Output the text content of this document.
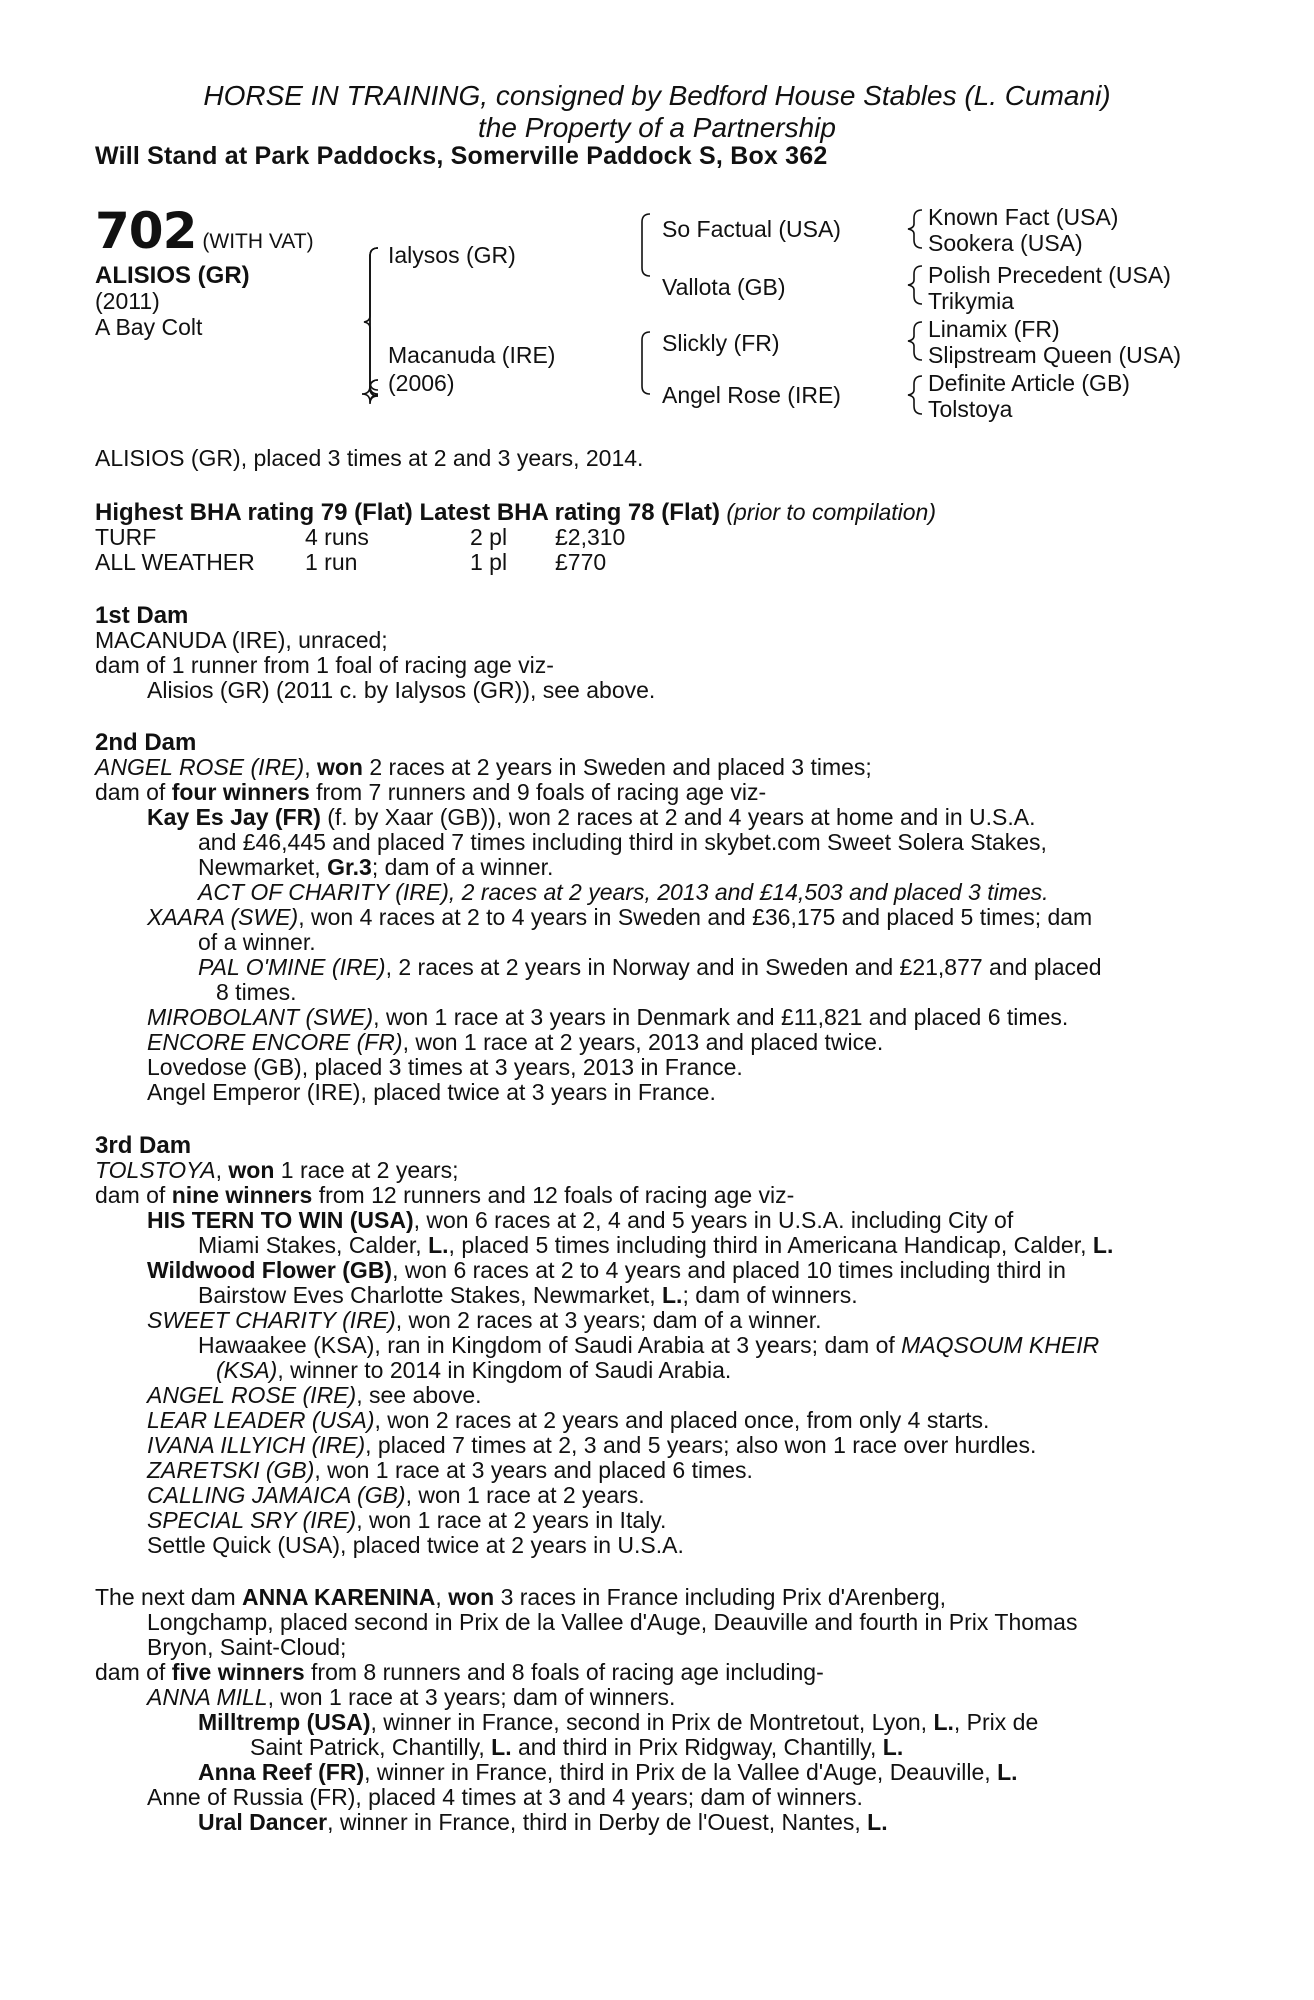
HORSE IN TRAINING, consigned by Bedford House Stables (L. Cumani)
the Property of a Partnership
Will Stand at Park Paddocks, Somerville Paddock S, Box 362
702 (WITH VAT)
ALISIOS (GR)
(2011)
A Bay Colt
Ialysos (GR)
Macanuda (IRE)
(2006)
So Factual (USA)
Vallota (GB)
Slickly (FR)
Angel Rose (IRE)
Known Fact (USA)
Sookera (USA)
Polish Precedent (USA)
Trikymia
Linamix (FR)
Slipstream Queen (USA)
Definite Article (GB)
Tolstoya
ALISIOS (GR), placed 3 times at 2 and 3 years, 2014.
Highest BHA rating 79 (Flat) Latest BHA rating 78 (Flat) (prior to compilation)
TURF	4 runs	2 pl £2,310
ALL WEATHER 1 run	1 pl £770
1st Dam
MACANUDA (IRE), unraced;
dam of 1 runner from 1 foal of racing age viz-
Alisios (GR) (2011 c. by Ialysos (GR)), see above.
2nd Dam
ANGEL ROSE (IRE), won 2 races at 2 years in Sweden and placed 3 times;
dam of four winners from 7 runners and 9 foals of racing age viz-
Kay Es Jay (FR) (f. by Xaar (GB)), won 2 races at 2 and 4 years at home and in U.S.A.
and £46,445 and placed 7 times including third in skybet.com Sweet Solera Stakes,
Newmarket, Gr.3; dam of a winner.
ACT OF CHARITY (IRE), 2 races at 2 years, 2013 and £14,503 and placed 3 times.
XAARA (SWE), won 4 races at 2 to 4 years in Sweden and £36,175 and placed 5 times; dam
of a winner.
PAL O'MINE (IRE), 2 races at 2 years in Norway and in Sweden and £21,877 and placed
8 times.
MIROBOLANT (SWE), won 1 race at 3 years in Denmark and £11,821 and placed 6 times.
ENCORE ENCORE (FR), won 1 race at 2 years, 2013 and placed twice.
Lovedose (GB), placed 3 times at 3 years, 2013 in France.
Angel Emperor (IRE), placed twice at 3 years in France.
3rd Dam
TOLSTOYA, won 1 race at 2 years;
dam of nine winners from 12 runners and 12 foals of racing age viz-
HIS TERN TO WIN (USA), won 6 races at 2, 4 and 5 years in U.S.A. including City of
Miami Stakes, Calder, L., placed 5 times including third in Americana Handicap, Calder, L.
Wildwood Flower (GB), won 6 races at 2 to 4 years and placed 10 times including third in
Bairstow Eves Charlotte Stakes, Newmarket, L.; dam of winners.
SWEET CHARITY (IRE), won 2 races at 3 years; dam of a winner.
Hawaakee (KSA), ran in Kingdom of Saudi Arabia at 3 years; dam of MAQSOUM KHEIR
(KSA), winner to 2014 in Kingdom of Saudi Arabia.
ANGEL ROSE (IRE), see above.
LEAR LEADER (USA), won 2 races at 2 years and placed once, from only 4 starts.
IVANA ILLYICH (IRE), placed 7 times at 2, 3 and 5 years; also won 1 race over hurdles.
ZARETSKI (GB), won 1 race at 3 years and placed 6 times.
CALLING JAMAICA (GB), won 1 race at 2 years.
SPECIAL SRY (IRE), won 1 race at 2 years in Italy.
Settle Quick (USA), placed twice at 2 years in U.S.A.
The next dam ANNA KARENINA, won 3 races in France including Prix d'Arenberg,
Longchamp, placed second in Prix de la Vallee d'Auge, Deauville and fourth in Prix Thomas
Bryon, Saint-Cloud;
dam of five winners from 8 runners and 8 foals of racing age including-
ANNA MILL, won 1 race at 3 years; dam of winners.
Milltremp (USA), winner in France, second in Prix de Montretout, Lyon, L., Prix de
Saint Patrick, Chantilly, L. and third in Prix Ridgway, Chantilly, L.
Anna Reef (FR), winner in France, third in Prix de la Vallee d'Auge, Deauville, L.
Anne of Russia (FR), placed 4 times at 3 and 4 years; dam of winners.
Ural Dancer, winner in France, third in Derby de l'Ouest, Nantes, L.
